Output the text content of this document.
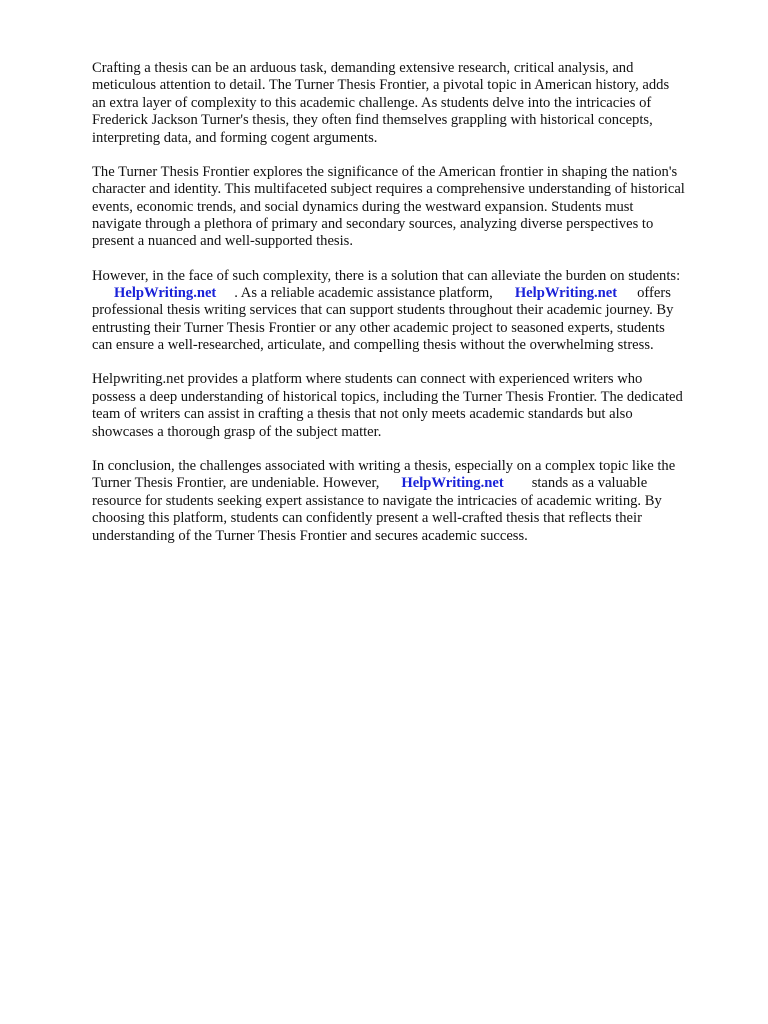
Crafting a thesis can be an arduous task, demanding extensive research, critical analysis, and
meticulous attention to detail. The Turner Thesis Frontier, a pivotal topic in American history, adds
an extra layer of complexity to this academic challenge. As students delve into the intricacies of
Frederick Jackson Turner's thesis, they often find themselves grappling with historical concepts,
interpreting data, and forming cogent arguments.

The Turner Thesis Frontier explores the significance of the American frontier in shaping the nation's
character and identity. This multifaceted subject requires a comprehensive understanding of historical
events, economic trends, and social dynamics during the westward expansion. Students must
navigate through a plethora of primary and secondary sources, analyzing diverse perspectives to
present a nuanced and well-supported thesis.

However, in the face of such complexity, there is a solution that can alleviate the burden on students:
HelpWriting.net . As a reliable academic assistance platform, HelpWriting.net offers
professional thesis writing services that can support students throughout their academic journey. By
entrusting their Turner Thesis Frontier or any other academic project to seasoned experts, students
can ensure a well-researched, articulate, and compelling thesis without the overwhelming stress.

Helpwriting.net provides a platform where students can connect with experienced writers who
possess a deep understanding of historical topics, including the Turner Thesis Frontier. The dedicated
team of writers can assist in crafting a thesis that not only meets academic standards but also
showcases a thorough grasp of the subject matter.

In conclusion, the challenges associated with writing a thesis, especially on a complex topic like the
Turner Thesis Frontier, are undeniable. However, HelpWriting.net stands as a valuable
resource for students seeking expert assistance to navigate the intricacies of academic writing. By
choosing this platform, students can confidently present a well-crafted thesis that reflects their
understanding of the Turner Thesis Frontier and secures academic success.
